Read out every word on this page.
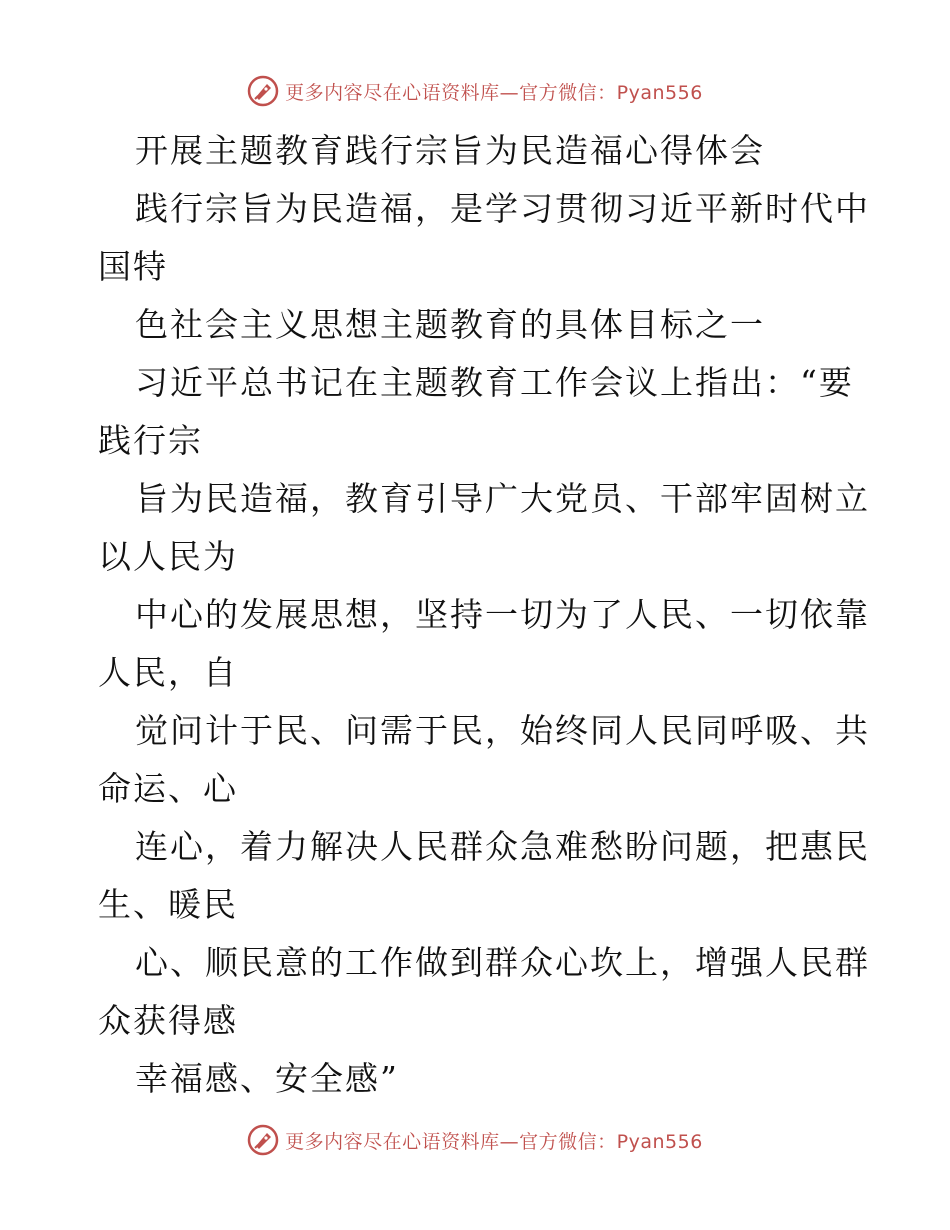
更多内容尽在心语资料库—官方微信：Pyan556
开展主题教育践行宗旨为民造福心得体会
践行宗旨为民造福，是学习贯彻习近平新时代中
国特
色社会主义思想主题教育的具体目标之一
习近平总书记在主题教育工作会议上指出：“要
践行宗
旨为民造福，教育引导广大党员、干部牢固树立
以人民为
中心的发展思想，坚持一切为了人民、一切依靠
人民，自
觉问计于民、问需于民，始终同人民同呼吸、共
命运、心
连心，着力解决人民群众急难愁盼问题，把惠民
生、暖民
心、顺民意的工作做到群众心坎上，增强人民群
众获得感
幸福感、安全感”
更多内容尽在心语资料库—官方微信：Pyan556
